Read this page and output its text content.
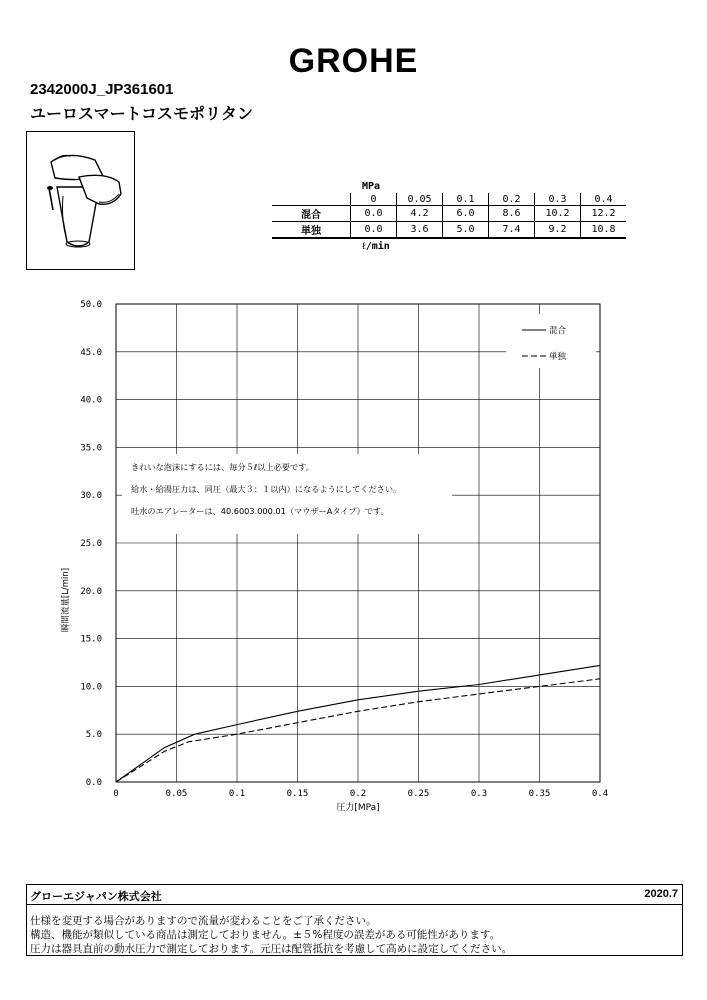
GROHE
2342000J_JP361601
ユーロスマートコスモポリタン
MPa
	0	0.05	0.1	0.2	0.3	0.4
混合	0.0	4.2	6.0	8.6	10.2	12.2
単独	0.0	3.6	5.0	7.4	9.2	10.8
ℓ/min
0	0.05	0.1	0.15	0.2	0.25	0.3	0.35	0.4
0.0
5.0
10.0
15.0
20.0
25.0
30.0
35.0
40.0
45.0
50.0
混合
単独
きれいな泡沫にするには、毎分５ℓ以上必要です。
給水・給湯圧力は、同圧（最大３：１以内）になるようにしてください。
吐水のエアレーターは、40.6003.000.01（マウザーAタイプ）です。
圧力[MPa]
瞬間流量[L/min]
グローエジャパン株式会社	2020.7
仕様を変更する場合がありますので流量が変わることをご了承ください。
構造、機能が類似している商品は測定しておりません。±５%程度の誤差がある可能性があります。
圧力は器具直前の動水圧力で測定しております。元圧は配管抵抗を考慮して高めに設定してください。
